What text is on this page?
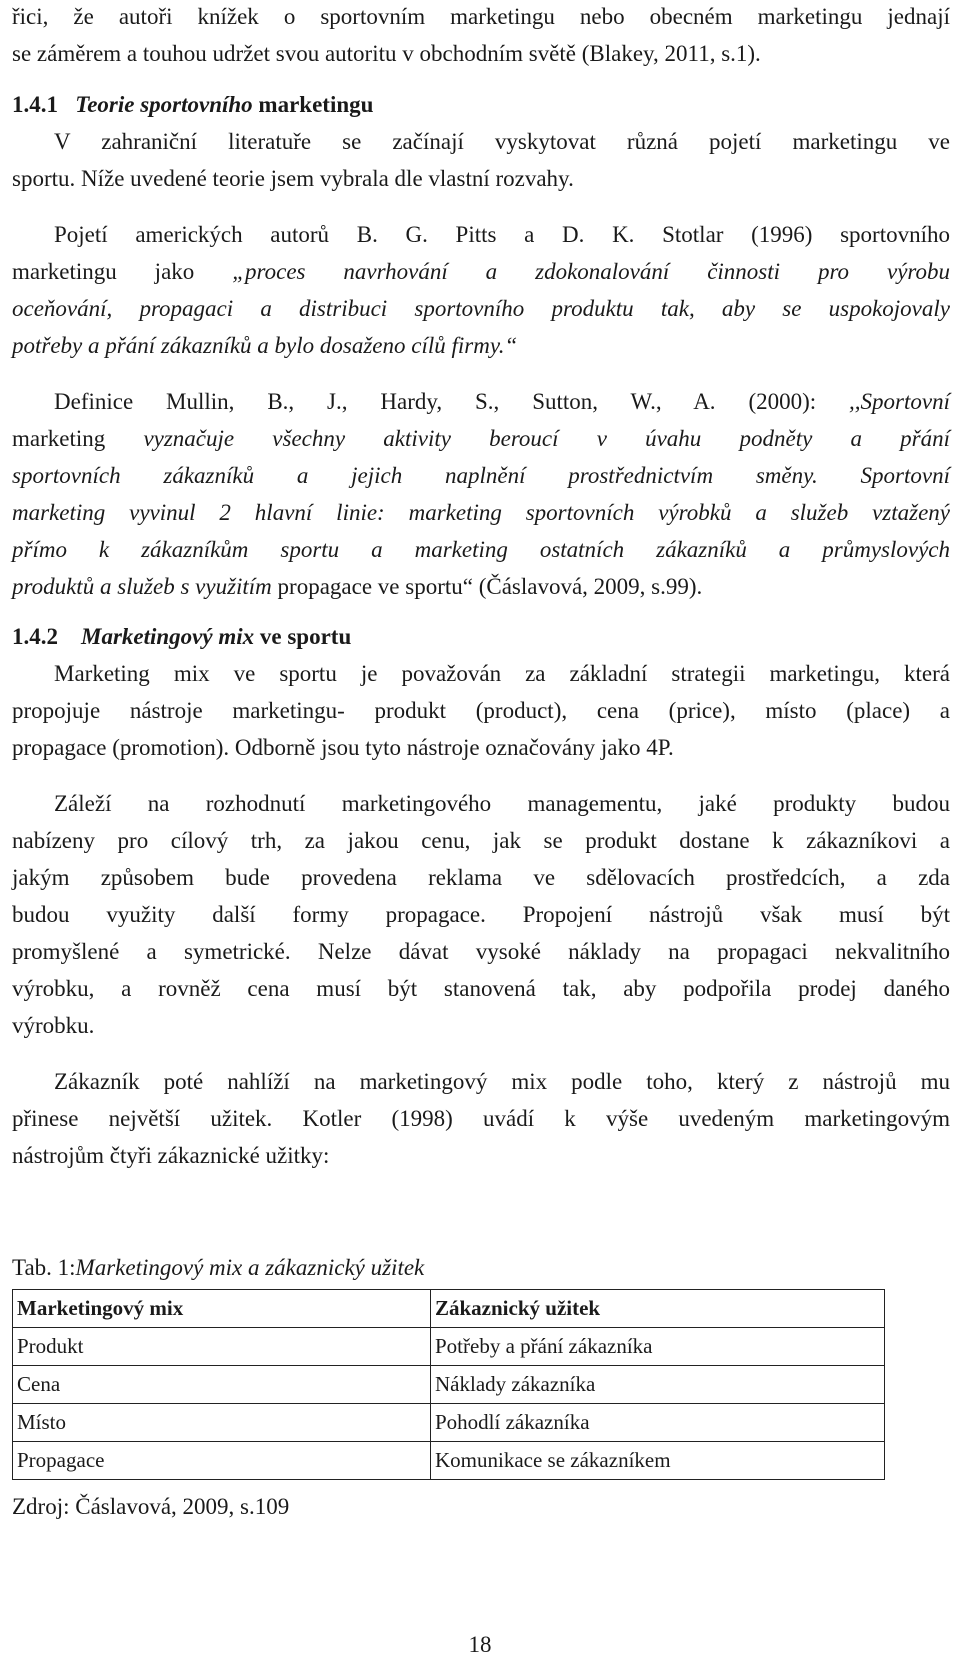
řici, že autoři knížek o sportovním marketingu nebo obecném marketingu jednají
se záměrem a touhou udržet svou autoritu v obchodním světě (Blakey, 2011, s.1).
1.4.1 Teorie sportovního marketingu
V zahraniční literatuře se začínají vyskytovat různá pojetí marketingu ve
sportu. Níže uvedené teorie jsem vybrala dle vlastní rozvahy.
Pojetí amerických autorů B. G. Pitts a D. K. Stotlar (1996) sportovního
marketingu jako „proces navrhování a zdokonalování činnosti pro výrobu
oceňování, propagaci a distribuci sportovního produktu tak, aby se uspokojovaly
potřeby a přání zákazníků a bylo dosaženo cílů firmy.“
Definice Mullin, B., J., Hardy, S., Sutton, W., A. (2000): ,,Sportovní
marketing vyznačuje všechny aktivity beroucí v úvahu podněty a přání
sportovních zákazníků a jejich naplnění prostřednictvím směny. Sportovní
marketing vyvinul 2 hlavní linie: marketing sportovních výrobků a služeb vztažený
přímo k zákazníkům sportu a marketing ostatních zákazníků a průmyslových
produktů a služeb s využitím propagace ve sportu“ (Čáslavová, 2009, s.99).
1.4.2 Marketingový mix ve sportu
Marketing mix ve sportu je považován za základní strategii marketingu, která
propojuje nástroje marketingu- produkt (product), cena (price), místo (place) a
propagace (promotion). Odborně jsou tyto nástroje označovány jako 4P.
Záleží na rozhodnutí marketingového managementu, jaké produkty budou
nabízeny pro cílový trh, za jakou cenu, jak se produkt dostane k zákazníkovi a
jakým způsobem bude provedena reklama ve sdělovacích prostředcích, a zda
budou využity další formy propagace. Propojení nástrojů však musí být
promyšlené a symetrické. Nelze dávat vysoké náklady na propagaci nekvalitního
výrobku, a rovněž cena musí být stanovená tak, aby podpořila prodej daného
výrobku.
Zákazník poté nahlíží na marketingový mix podle toho, který z nástrojů mu
přinese největší užitek. Kotler (1998) uvádí k výše uvedeným marketingovým
nástrojům čtyři zákaznické užitky:
Tab. 1:Marketingový mix a zákaznický užitek
Marketingový mix	Zákaznický užitek
Produkt	Potřeby a přání zákazníka
Cena	Náklady zákazníka
Místo	Pohodlí zákazníka
Propagace	Komunikace se zákazníkem
Zdroj: Čáslavová, 2009, s.109
18
